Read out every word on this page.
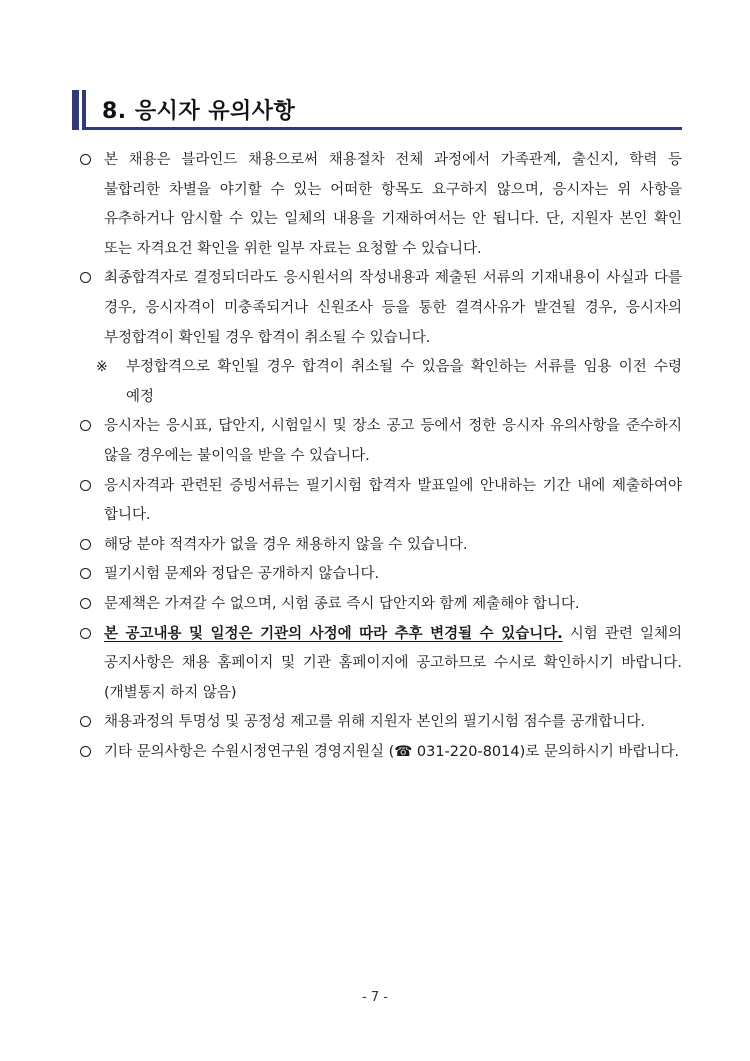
8. 응시자 유의사항
본 채용은 블라인드 채용으로써 채용절차 전체 과정에서 가족관계, 출신지, 학력 등 불합리한 차별을 야기할 수 있는 어떠한 항목도 요구하지 않으며, 응시자는 위 사항을 유추하거나 암시할 수 있는 일체의 내용을 기재하여서는 안 됩니다. 단, 지원자 본인 확인 또는 자격요건 확인을 위한 일부 자료는 요청할 수 있습니다.
최종합격자로 결정되더라도 응시원서의 작성내용과 제출된 서류의 기재내용이 사실과 다를 경우, 응시자격이 미충족되거나 신원조사 등을 통한 결격사유가 발견될 경우, 응시자의 부정합격이 확인될 경우 합격이 취소될 수 있습니다.
※ 부정합격으로 확인될 경우 합격이 취소될 수 있음을 확인하는 서류를 임용 이전 수령 예정
응시자는 응시표, 답안지, 시험일시 및 장소 공고 등에서 정한 응시자 유의사항을 준수하지 않을 경우에는 불이익을 받을 수 있습니다.
응시자격과 관련된 증빙서류는 필기시험 합격자 발표일에 안내하는 기간 내에 제출하여야 합니다.
해당 분야 적격자가 없을 경우 채용하지 않을 수 있습니다.
필기시험 문제와 정답은 공개하지 않습니다.
문제책은 가져갈 수 없으며, 시험 종료 즉시 답안지와 함께 제출해야 합니다.
본 공고내용 및 일정은 기관의 사정에 따라 추후 변경될 수 있습니다. 시험 관련 일체의 공지사항은 채용 홈페이지 및 기관 홈페이지에 공고하므로 수시로 확인하시기 바랍니다. (개별통지 하지 않음)
채용과정의 투명성 및 공정성 제고를 위해 지원자 본인의 필기시험 점수를 공개합니다.
기타 문의사항은 수원시정연구원 경영지원실 (☎ 031-220-8014)로 문의하시기 바랍니다.
- 7 -
